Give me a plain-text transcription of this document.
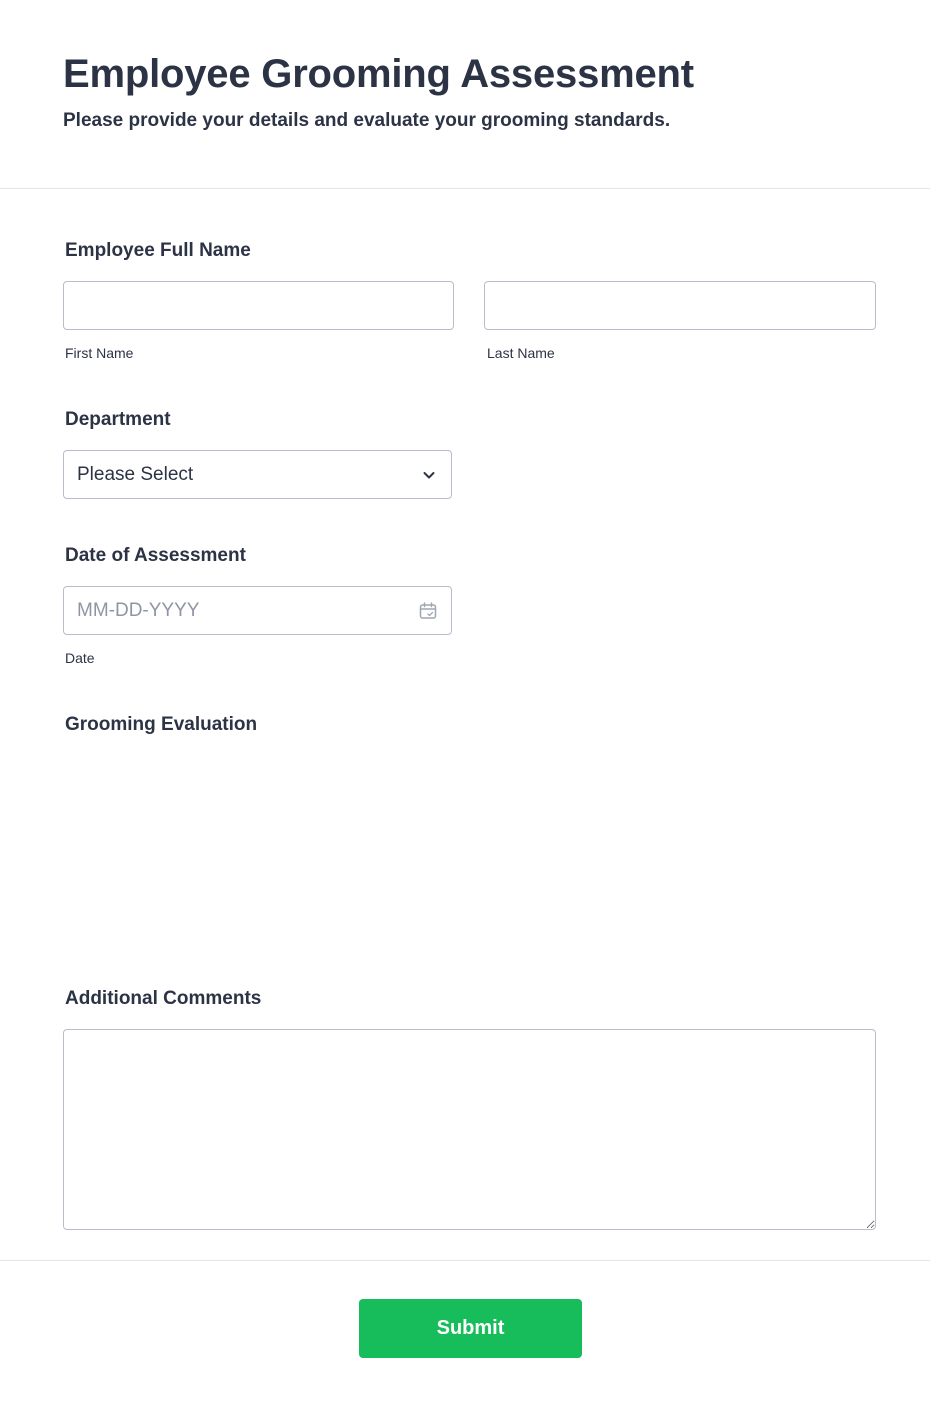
Employee Grooming Assessment

Please provide your details and evaluate your grooming standards.

Employee Full Name
First Name	Last Name
Department
Please Select
Date of Assessment
MM-DD-YYYY
Date
Grooming Evaluation
Additional Comments
Submit
